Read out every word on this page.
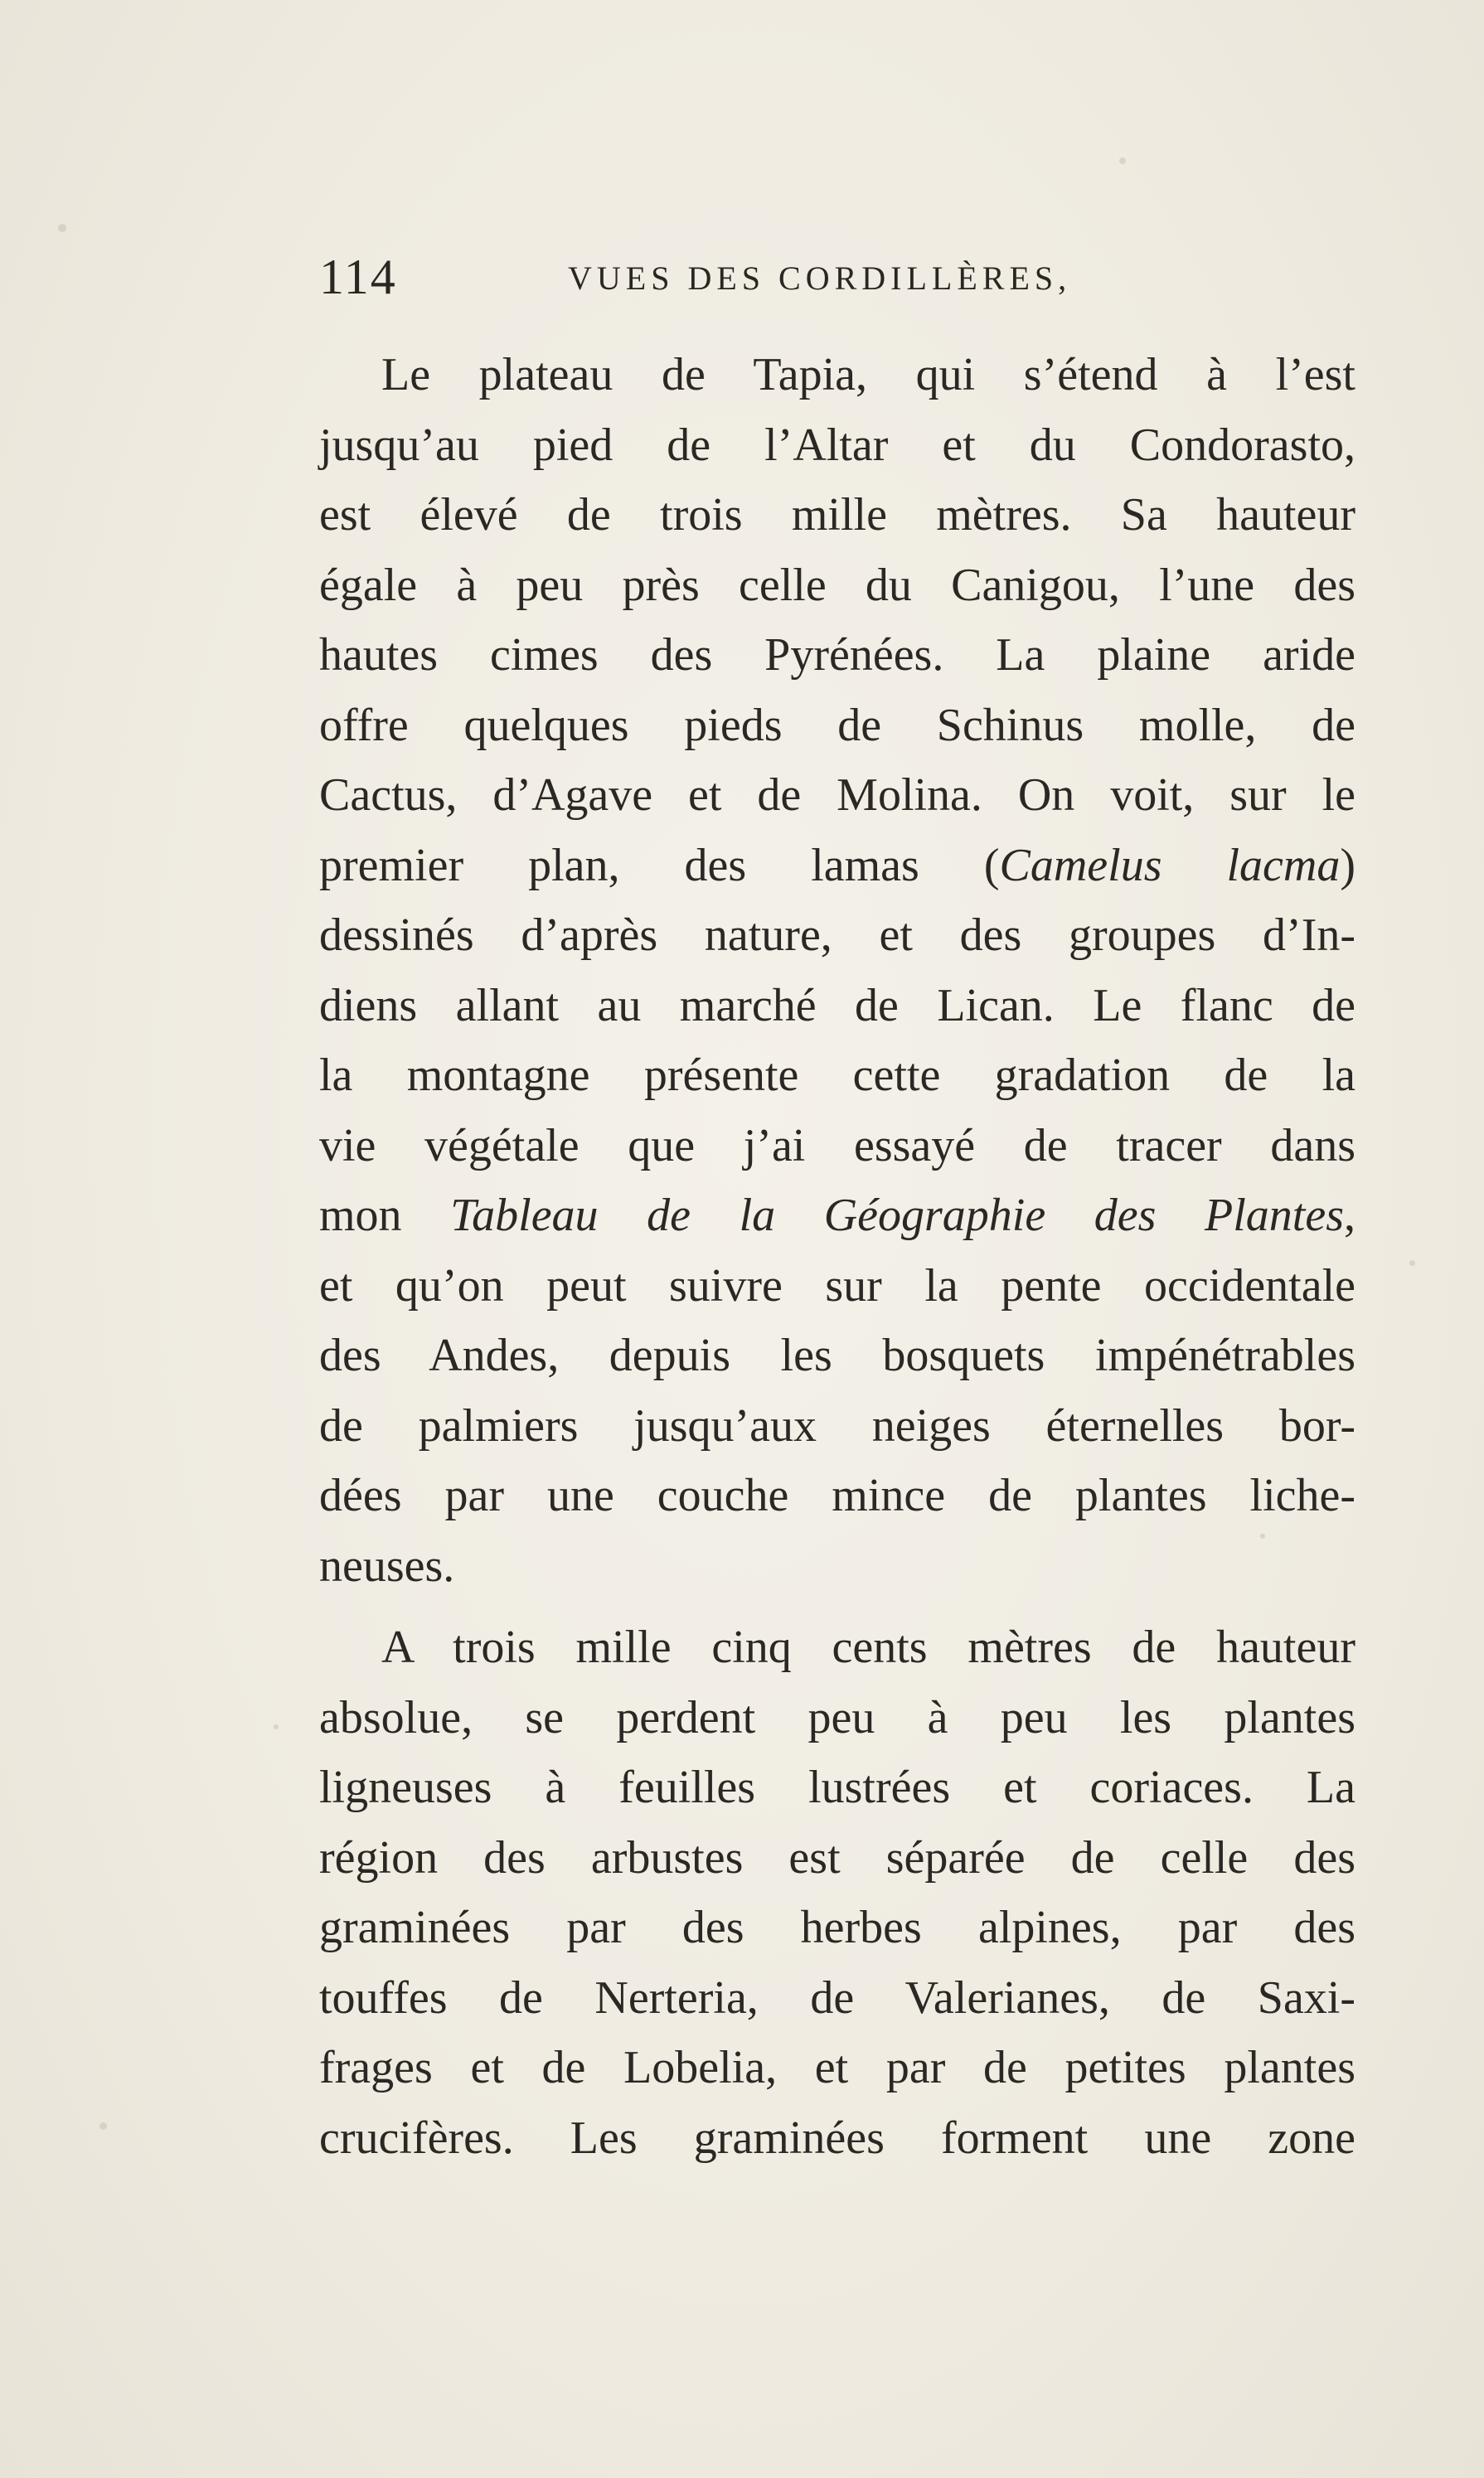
114	VUES DES CORDILLÈRES,
Le plateau de Tapia, qui s’étend à l’est
jusqu’au pied de l’Altar et du Condorasto,
est élevé de trois mille mètres. Sa hauteur
égale à peu près celle du Canigou, l’une des
hautes cimes des Pyrénées. La plaine aride
offre quelques pieds de Schinus molle, de
Cactus, d’Agave et de Molina. On voit, sur le
premier plan, des lamas (Camelus lacma)
dessinés d’après nature, et des groupes d’In-
diens allant au marché de Lican. Le flanc de
la montagne présente cette gradation de la
vie végétale que j’ai essayé de tracer dans
mon Tableau de la Géographie des Plantes,
et qu’on peut suivre sur la pente occidentale
des Andes, depuis les bosquets impénétrables
de palmiers jusqu’aux neiges éternelles bor-
dées par une couche mince de plantes liche-
neuses.
A trois mille cinq cents mètres de hauteur
absolue, se perdent peu à peu les plantes
ligneuses à feuilles lustrées et coriaces. La
région des arbustes est séparée de celle des
graminées par des herbes alpines, par des
touffes de Nerteria, de Valerianes, de Saxi-
frages et de Lobelia, et par de petites plantes
crucifères. Les graminées forment une zone
